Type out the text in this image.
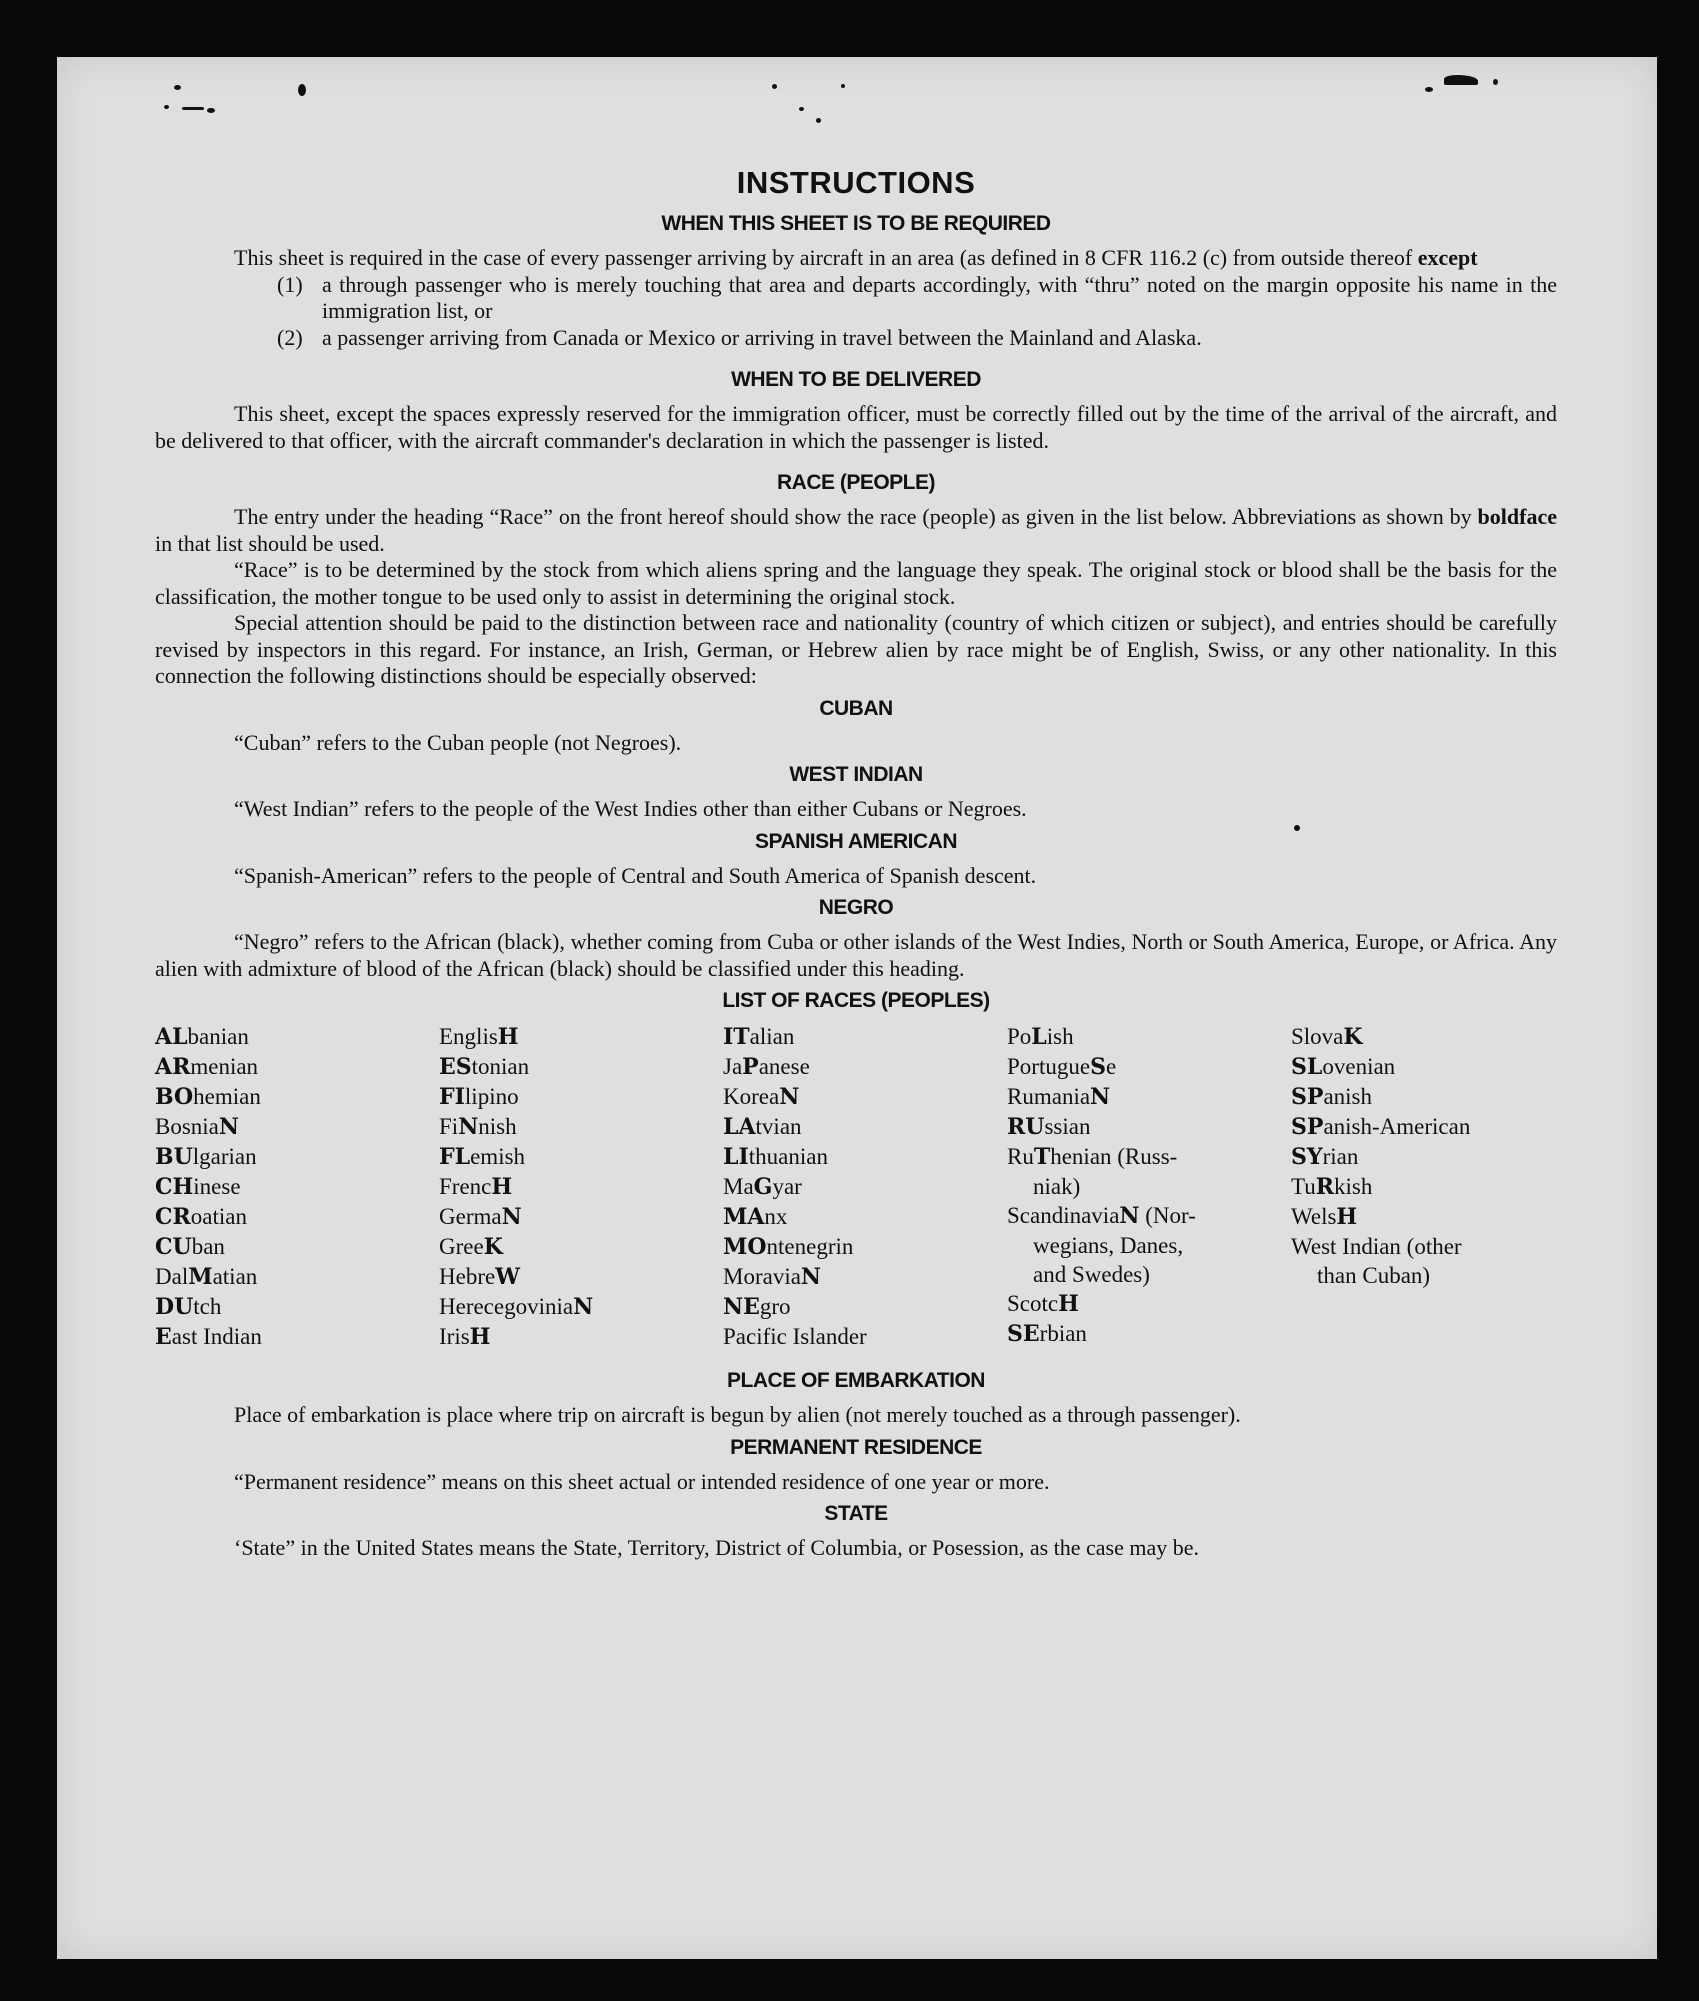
INSTRUCTIONS
WHEN THIS SHEET IS TO BE REQUIRED

This sheet is required in the case of every passenger arriving by aircraft in an area (as defined in 8 CFR 116.2 (c) from outside thereof except

(1) a through passenger who is merely touching that area and departs accordingly, with “thru” noted on the margin opposite his name in the immigration list, or

(2) a passenger arriving from Canada or Mexico or arriving in travel between the Mainland and Alaska.

WHEN TO BE DELIVERED

This sheet, except the spaces expressly reserved for the immigration officer, must be correctly filled out by the time of the arrival of the aircraft, and be delivered to that officer, with the aircraft commander's declaration in which the passenger is listed.

RACE (PEOPLE)

The entry under the heading “Race” on the front hereof should show the race (people) as given in the list below. Abbreviations as shown by boldface in that list should be used.

“Race” is to be determined by the stock from which aliens spring and the language they speak. The original stock or blood shall be the basis for the classification, the mother tongue to be used only to assist in determining the original stock.

Special attention should be paid to the distinction between race and nationality (country of which citizen or subject), and entries should be carefully revised by inspectors in this regard. For instance, an Irish, German, or Hebrew alien by race might be of English, Swiss, or any other nationality. In this connection the following distinctions should be especially observed:

CUBAN

“Cuban” refers to the Cuban people (not Negroes).

WEST INDIAN

“West Indian” refers to the people of the West Indies other than either Cubans or Negroes.

SPANISH AMERICAN

“Spanish-American” refers to the people of Central and South America of Spanish descent.

NEGRO

“Negro” refers to the African (black), whether coming from Cuba or other islands of the West Indies, North or South America, Europe, or Africa. Any alien with admixture of blood of the African (black) should be classified under this heading.

LIST OF RACES (PEOPLES)
ALbanian
ARmenian
BOhemian
BosniaN
BUlgarian
CHinese
CRoatian
CUban
DalMatian
DUtch
East Indian
EnglisH
EStonian
FIlipino
FiNnish
FLemish
FrencH
GermaN
GreeK
HebreW
HerecegoviniaN
IrisH
ITalian
JaPanese
KoreaN
LAtvian
LIthuanian
MaGyar
MAnx
MOntenegrin
MoraviaN
NEgro
Pacific Islander
PoLish
PortugueSe
RumaniaN
RUssian
RuThenian (Russ-
niak)
ScandinaviaN (Nor-
wegians, Danes,
and Swedes)
ScotcH
SErbian
SlovaK
SLovenian
SPanish
SPanish-American
SYrian
TuRkish
WelsH
West Indian (other
than Cuban)
PLACE OF EMBARKATION

Place of embarkation is place where trip on aircraft is begun by alien (not merely touched as a through passenger).

PERMANENT RESIDENCE

“Permanent residence” means on this sheet actual or intended residence of one year or more.

STATE

‘State” in the United States means the State, Territory, District of Columbia, or Posession, as the case may be.
